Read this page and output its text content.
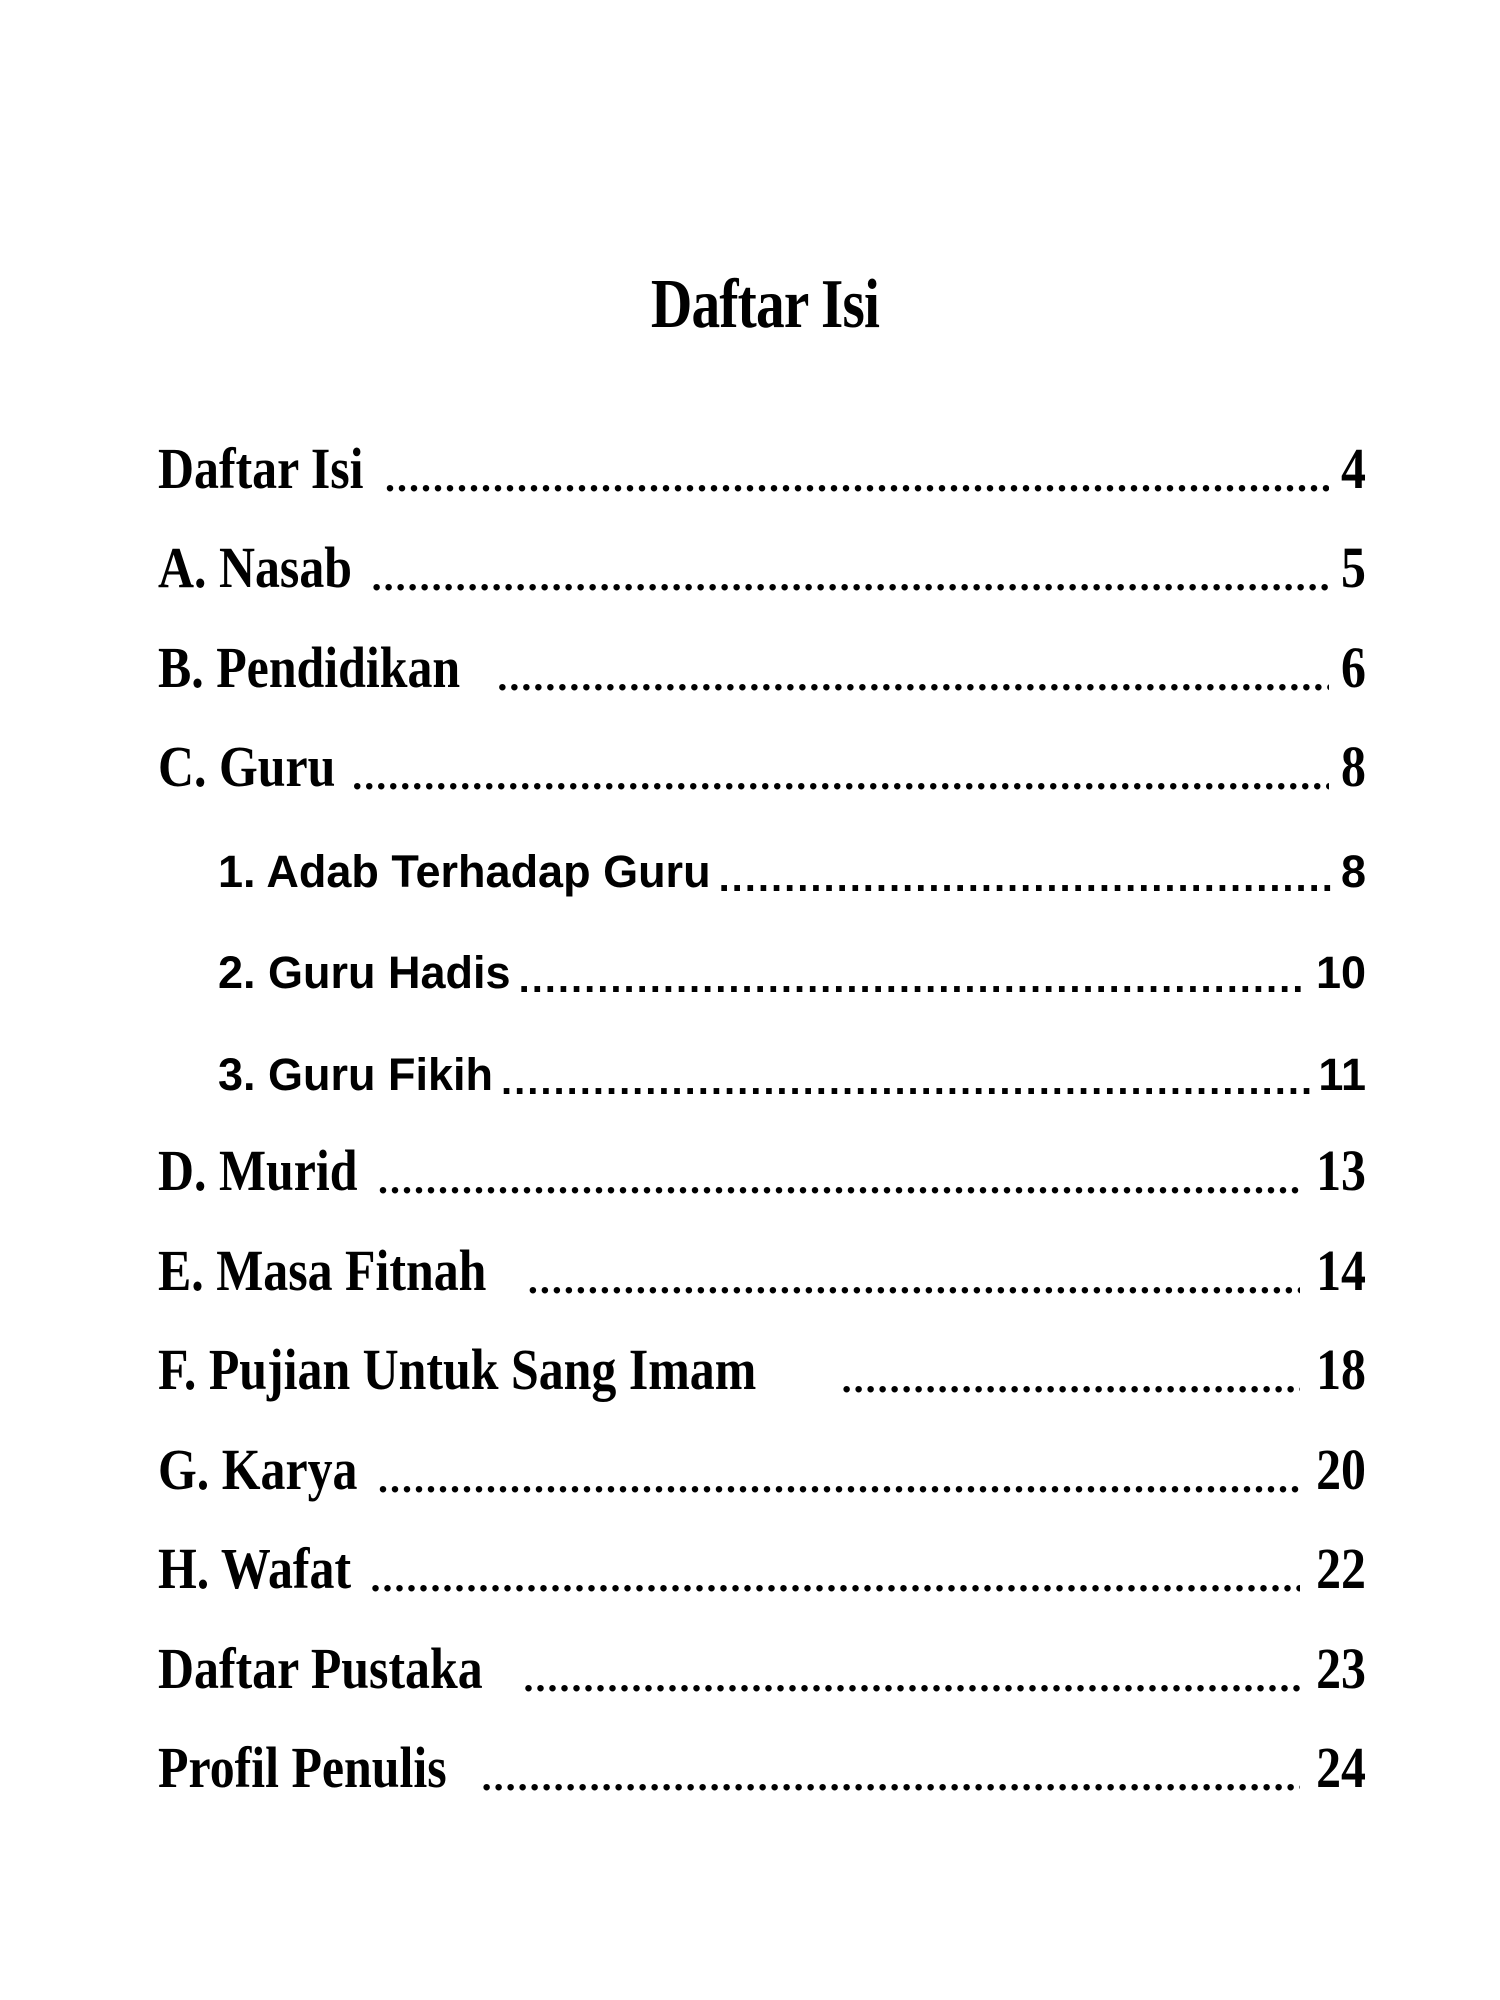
Daftar Isi
Daftar Isi .....	4
A. Nasab .....	5
B. Pendidikan .....	6
C. Guru .....	8
1. Adab Terhadap Guru .....	8
2. Guru Hadis .....	10
3. Guru Fikih .....	11
D. Murid .....	13
E. Masa Fitnah .....	14
F. Pujian Untuk Sang Imam .....	18
G. Karya .....	20
H. Wafat .....	22
Daftar Pustaka .....	23
Profil Penulis .....	24
